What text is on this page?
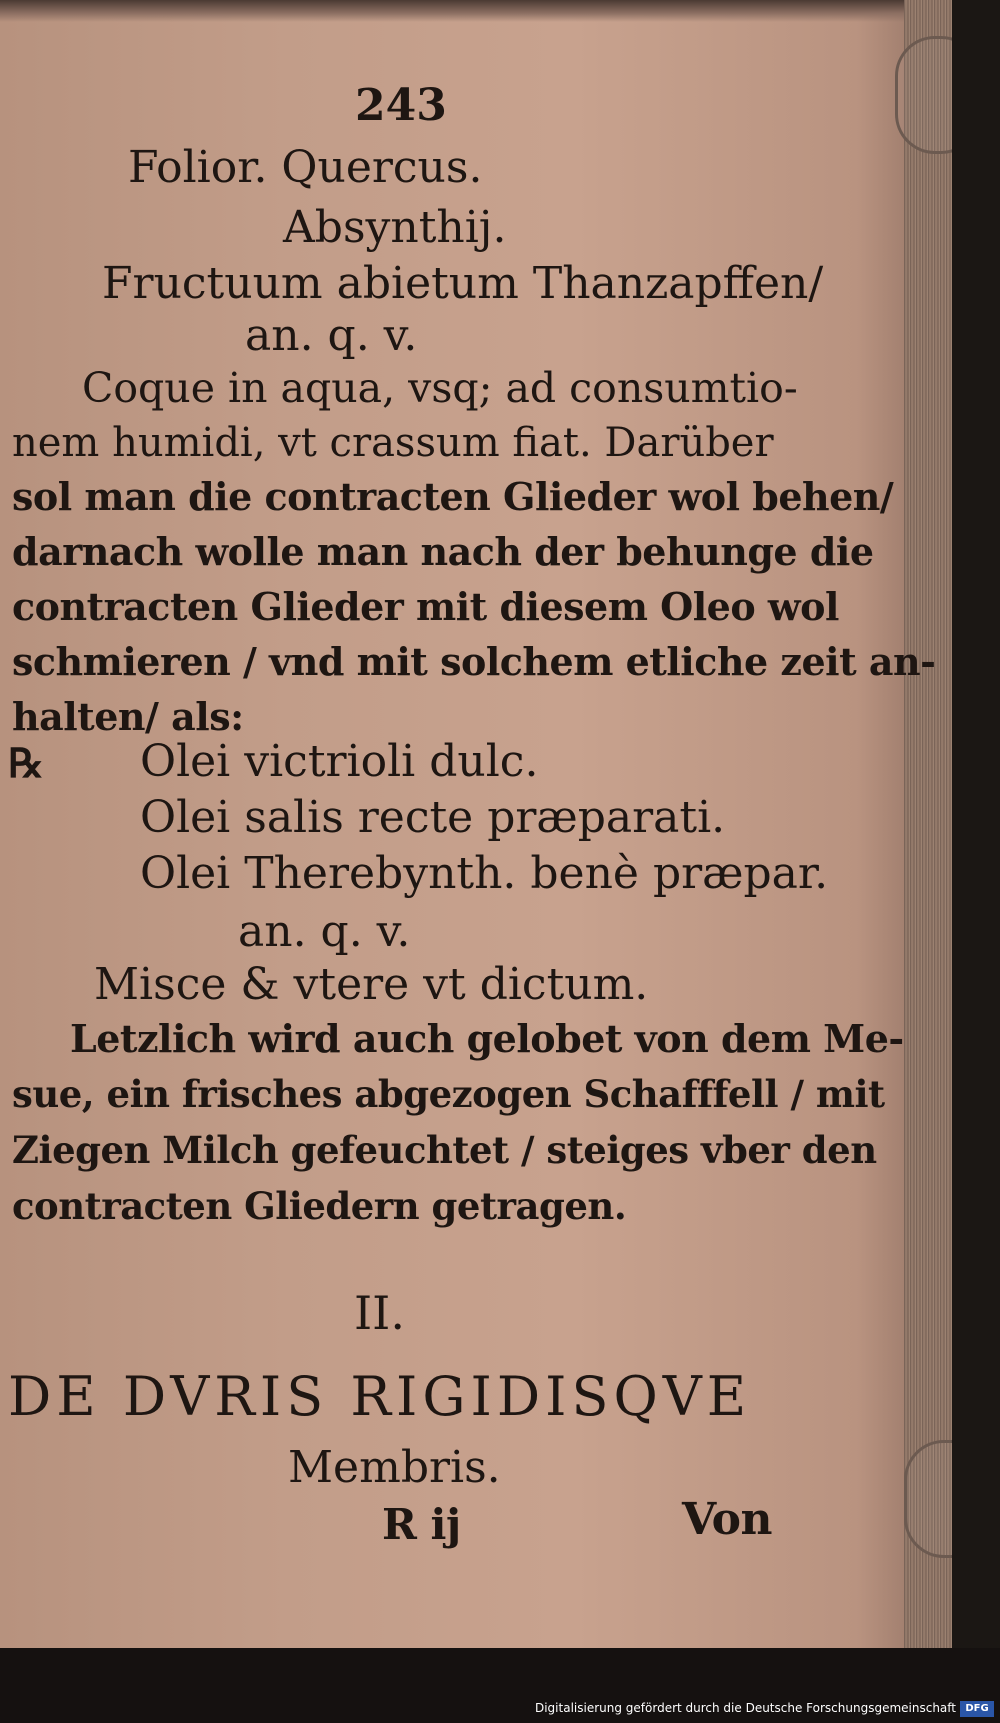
243
Folior. Quercus.
Absynthij.
Fructuum abietum Thanzapffen/
an. q. v.
Coque in aqua, vsq; ad consumtio-
nem humidi, vt crassum fiat. Darüber
sol man die contracten Glieder wol behen/
darnach wolle man nach der behunge die
contracten Glieder mit diesem Oleo wol
schmieren / vnd mit solchem etliche zeit an-
halten/ als:
℞ Olei victrioli dulc.
Olei salis recte præparati.
Olei Therebynth. benè præpar.
an. q. v.
Misce & vtere vt dictum.
Letzlich wird auch gelobet von dem Me-
sue, ein frisches abgezogen Schafffell / mit
Ziegen Milch gefeuchtet / steiges vber den
contracten Gliedern getragen.
II.
DE DVRIS RIGIDISQVE
Membris.
R ij	Von
Digitalisierung gefördert durch die Deutsche Forschungsgemeinschaft DFG
